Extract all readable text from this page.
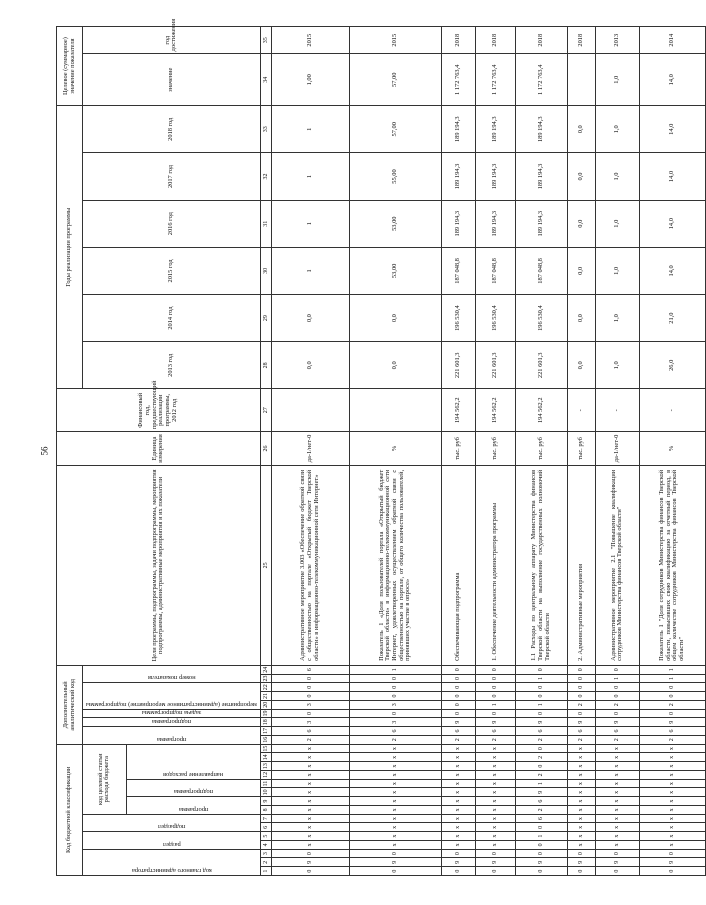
56
Код бюджетной классификации															Дополнительный аналитический код									Цели программы, подпрограммы, задачи подпрограммы, мероприятия подпрограммы, административные мероприятия и их показатели	Единица измерения	Финансовый год, предшествующий реализации программы, 2012 год	Годы реализации программы						Целевое (суммарное) значение показателя	

код главного администратора			раздел		подраздел		код целевой статьи расхода бюджета								программа		подпрограмма	задача подпрограммы	мероприятие (административное мероприятие) подпрограммы			номер показателя					2013 год	2014 год	2015 год	2016 год	2017 год	2018 год	значение	год достижения

							программа		подпрограмма		направление расходов																							

1	2	3	4	5	6	7	8	9	10	11	12	13	14	15	16	17	18	19	20	21	22	23	24	25	26	27	28	29	30	31	32	33	34	35
0	9	0	x	x	x	x	x	x	x	x	x	x	x	x	2	6	3	0	3	0	0	0	6	Административное мероприятие 3.003 «Обеспечение обратной связи с общественностью на портале «Открытый бюджет Тверской области» в информационно-телекоммуникационной сети Интернет»	да-1/нет-0		0,0	0,0	1	1	1	1	1,00	2015
0	9	0	x	x	x	x	x	x	x	x	x	x	x	x	2	6	3	0	3	0	0	0	1	Показатель 1 «Доля пользователей портала «Открытый бюджет Тверской области» в информационно-телекоммуникационной сети Интернет, удовлетворенных осуществлением обратной связи с общественностью на портале, от общего количества пользователей, принявших участие в опросе»	%		0,0	0,0	53,00	53,00	55,00	57,00	57,00	2015
0	9	0	x	x	x	x	x	x	x	x	x	x	x	x	2	6	9	0	0	0	0	0	0	Обеспечивающая подпрограмма	тыс. руб	194 562,2	221 601,3	196 530,4	187 048,8	189 194,3	189 194,3	189 194,3	1 172 763,4	2018
0	9	0	x	x	x	x	x	x	x	x	x	x	x	x	2	6	9	0	1	0	0	0	0	1. Обеспечение деятельности администратора программы	тыс. руб	194 562,2	221 601,3	196 530,4	187 048,8	189 194,3	189 194,3	189 194,3	1 172 763,4	2018
0	9	0	0	1	0	6	2	6	9	1	2	0	2	0	2	6	9	0	1	0	0	1	0	1.1 Расходы по центральному аппарату Министерства финансов Тверской области на выполнение государственных полномочий Тверской области	тыс. руб	194 562,2	221 601,3	196 530,4	187 048,8	189 194,3	189 194,3	189 194,3	1 172 763,4	2018
0	9	0	x	x	x	x	x	x	x	x	x	x	x	x	2	6	9	0	2	0	0	0	0	2. Административные мероприятия	тыс. руб	-	0,0	0,0	0,0	0,0	0,0	0,0		2018
0	9	0	x	x	x	x	x	x	x	x	x	x	x	x	2	6	9	0	2	0	0	1	0	Административное мероприятие 2.1 "Повышение квалификации сотрудников Министерства финансов Тверской области"	да-1/нет-0	-	1,0	1,0	1,0	1,0	1,0	1,0	1,0	2013
0	9	0	x	x	x	x	x	x	x	x	x	x	x	x	2	6	9	0	2	0	0	1	1	Показатель 1 "Доля сотрудников Министерства финансов Тверской области, повысивших свою квалификацию за отчетный период, в общем количестве сотрудников Министерства финансов Тверской области"	%	-	26,0	21,0	14,0	14,0	14,0	14,0	14,0	2014
